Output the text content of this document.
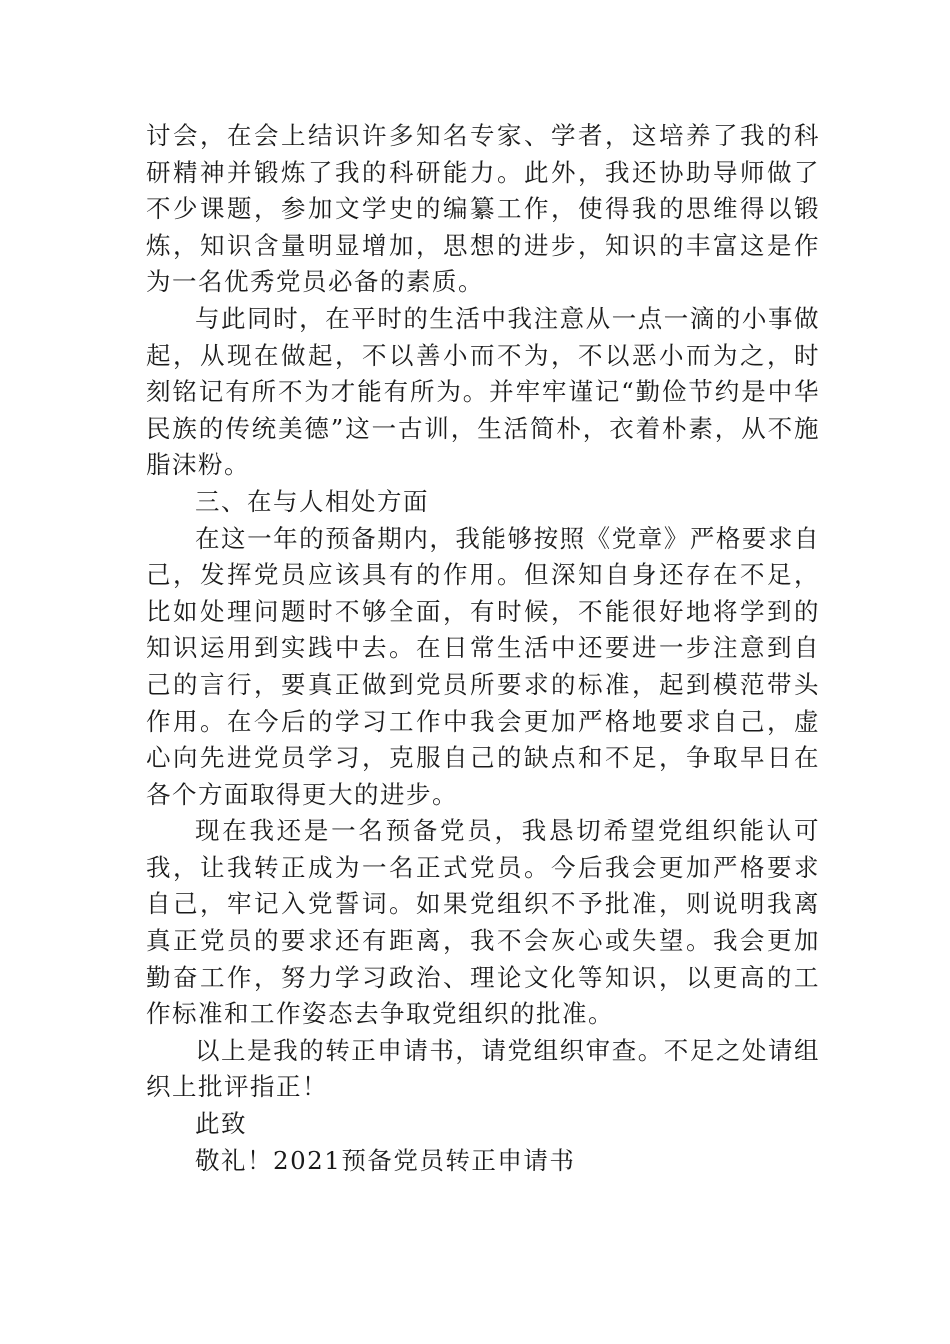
讨会，在会上结识许多知名专家、学者，这培养了我的科研精神并锻炼了我的科研能力。此外，我还协助导师做了不少课题，参加文学史的编纂工作，使得我的思维得以锻炼，知识含量明显增加，思想的进步，知识的丰富这是作为一名优秀党员必备的素质。

与此同时，在平时的生活中我注意从一点一滴的小事做起，从现在做起，不以善小而不为，不以恶小而为之，时刻铭记有所不为才能有所为。并牢牢谨记“勤俭节约是中华民族的传统美德”这一古训，生活简朴，衣着朴素，从不施脂沫粉。

三、在与人相处方面

在这一年的预备期内，我能够按照《党章》严格要求自己，发挥党员应该具有的作用。但深知自身还存在不足，比如处理问题时不够全面，有时候，不能很好地将学到的知识运用到实践中去。在日常生活中还要进一步注意到自己的言行，要真正做到党员所要求的标准，起到模范带头作用。在今后的学习工作中我会更加严格地要求自己，虚心向先进党员学习，克服自己的缺点和不足，争取早日在各个方面取得更大的进步。

现在我还是一名预备党员，我恳切希望党组织能认可我，让我转正成为一名正式党员。今后我会更加严格要求自己，牢记入党誓词。如果党组织不予批准，则说明我离真正党员的要求还有距离，我不会灰心或失望。我会更加勤奋工作，努力学习政治、理论文化等知识，以更高的工作标准和工作姿态去争取党组织的批准。

以上是我的转正申请书，请党组织审查。不足之处请组织上批评指正！

此致

敬礼！2021预备党员转正申请书
